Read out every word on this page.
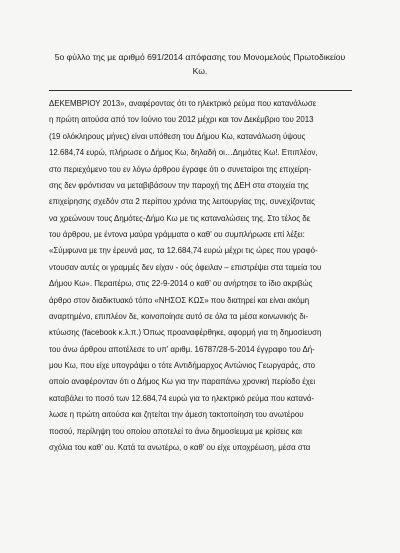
5ο φύλλο της με αριθμό 691/2014 απόφασης του Μονομελούς Πρωτοδικείου
Κω.
ΔΕΚΕΜΒΡΙΟΥ 2013», αναφέροντας ότι το ηλεκτρικό ρεύμα που κατανάλωσε
η πρώτη αιτούσα από τον Ιούνιο του 2012 μέχρι και τον Δεκέμβριο του 2013
(19 ολόκληρους μήνες) είναι υπόθεση του Δήμου Κω, κατανάλωση ύψους
12.684,74 ευρώ, πλήρωσε ο Δήμος Κω, δηλαδή οι…Δημότες Κω!. Επιπλέον,
στο περιεχόμενο του εν λόγω άρθρου έγραφε ότι ο συνεταίροι της επιχείρη-
σης δεν φρόντισαν να μεταβιβάσουν την παροχή της ΔΕΗ στα στοιχεία της
επιχείρησης σχεδόν στα 2 περίπου χρόνια της λειτουργίας της, συνεχίζοντας
να χρεώνουν τους Δημότες-Δήμο Κω με τις καταναλώσεις της. Στο τέλος δε
του άρθρου, με έντονα μαύρα γράμματα ο καθ’ ου συμπλήρωσε επί λέξει:
«Σύμφωνα με την έρευνά μας, τα 12.684,74 ευρώ μέχρι τις ώρες που γραφό-
ντουσαν αυτές οι γραμμές δεν είχαν - ούς όφειλαν – επιστρέψει στα ταμεία του
Δήμου Κω». Περαιτέρω, στις 22-9-2014 ο καθ’ ου ανήρτησε το ίδιο ακριβώς
άρθρο στον διαδικτυακό τόπο «ΝΗΣΟΣ ΚΩΣ» που διατηρεί και είναι ακόμη
αναρτημένο, επιπλέον δε, κοινοποίησε αυτό σε όλα τα μέσα κοινωνικής δι-
κτύωσης (facebook κ.λ.π.) Όπως προαναφέρθηκε, αφορμή για τη δημοσίευση
του άνω άρθρου αποτέλεσε το υπ’ αριθμ. 16787/28-5-2014 έγγραφο του Δή-
μου Κω, που είχε υπογράψει ο τότε Αντιδήμαρχος Αντώνιος Γεωργαράς, στο
οποίο αναφέρονταν ότι ο Δήμος Κω για την παραπάνω χρονική περίοδο έχει
καταβάλει το ποσό των 12.684,74 ευρώ για το ηλεκτρικό ρεύμα που κατανά-
λωσε η πρώτη αιτούσα και ζητείται την άμεση τακτοποίηση του ανωτέρου
ποσού, περίληψη του οποίου αποτελεί το άνω δημοσίευμα με κρίσεις και
σχόλια του καθ’ ου. Κατά τα ανωτέρω, ο καθ’ ου είχε υποχρέωση, μέσα στα
